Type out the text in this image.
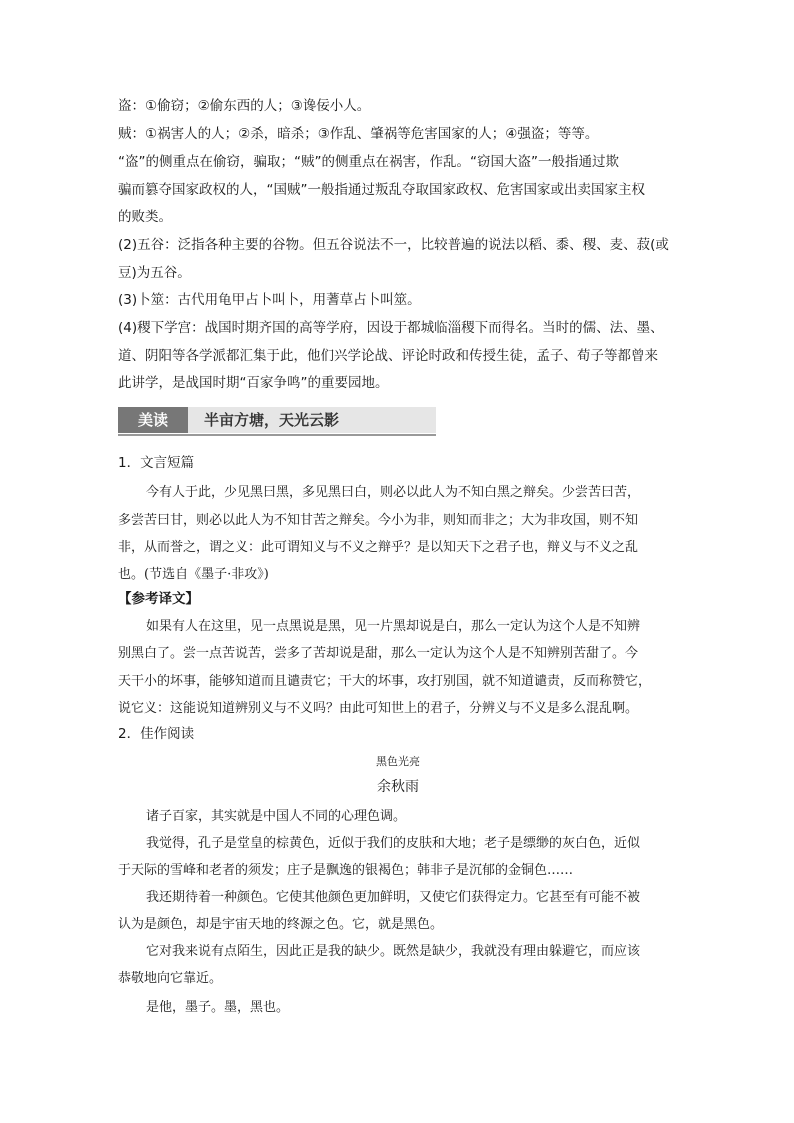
盗：①偷窃；②偷东西的人；③谗佞小人。
贼：①祸害人的人；②杀，暗杀；③作乱、肇祸等危害国家的人；④强盗；等等。
“盗”的侧重点在偷窃，骗取；“贼”的侧重点在祸害，作乱。“窃国大盗”一般指通过欺
骗而篡夺国家政权的人，“国贼”一般指通过叛乱夺取国家政权、危害国家或出卖国家主权
的败类。
(2)五谷：泛指各种主要的谷物。但五谷说法不一，比较普遍的说法以稻、黍、稷、麦、菽(或
豆)为五谷。
(3)卜筮：古代用龟甲占卜叫卜，用蓍草占卜叫筮。
(4)稷下学宫：战国时期齐国的高等学府，因设于都城临淄稷下而得名。当时的儒、法、墨、
道、阴阳等各学派都汇集于此，他们兴学论战、评论时政和传授生徒，孟子、荀子等都曾来
此讲学，是战国时期“百家争鸣”的重要园地。
美读	半亩方塘，天光云影
1．文言短篇
今有人于此，少见黑曰黑，多见黑曰白，则必以此人为不知白黑之辩矣。少尝苦曰苦，
多尝苦曰甘，则必以此人为不知甘苦之辩矣。今小为非，则知而非之；大为非攻国，则不知
非，从而誉之，谓之义：此可谓知义与不义之辩乎？是以知天下之君子也，辩义与不义之乱
也。(节选自《墨子·非攻》)
【参考译文】
如果有人在这里，见一点黑说是黑，见一片黑却说是白，那么一定认为这个人是不知辨
别黑白了。尝一点苦说苦，尝多了苦却说是甜，那么一定认为这个人是不知辨别苦甜了。今
天干小的坏事，能够知道而且谴责它；干大的坏事，攻打别国，就不知道谴责，反而称赞它，
说它义：这能说知道辨别义与不义吗？由此可知世上的君子，分辨义与不义是多么混乱啊。
2．佳作阅读
黑色光亮
余秋雨
诸子百家，其实就是中国人不同的心理色调。
我觉得，孔子是堂皇的棕黄色，近似于我们的皮肤和大地；老子是缥缈的灰白色，近似
于天际的雪峰和老者的须发；庄子是飘逸的银褐色；韩非子是沉郁的金铜色……
我还期待着一种颜色。它使其他颜色更加鲜明，又使它们获得定力。它甚至有可能不被
认为是颜色，却是宇宙天地的终源之色。它，就是黑色。
它对我来说有点陌生，因此正是我的缺少。既然是缺少，我就没有理由躲避它，而应该
恭敬地向它靠近。
是他，墨子。墨，黑也。
